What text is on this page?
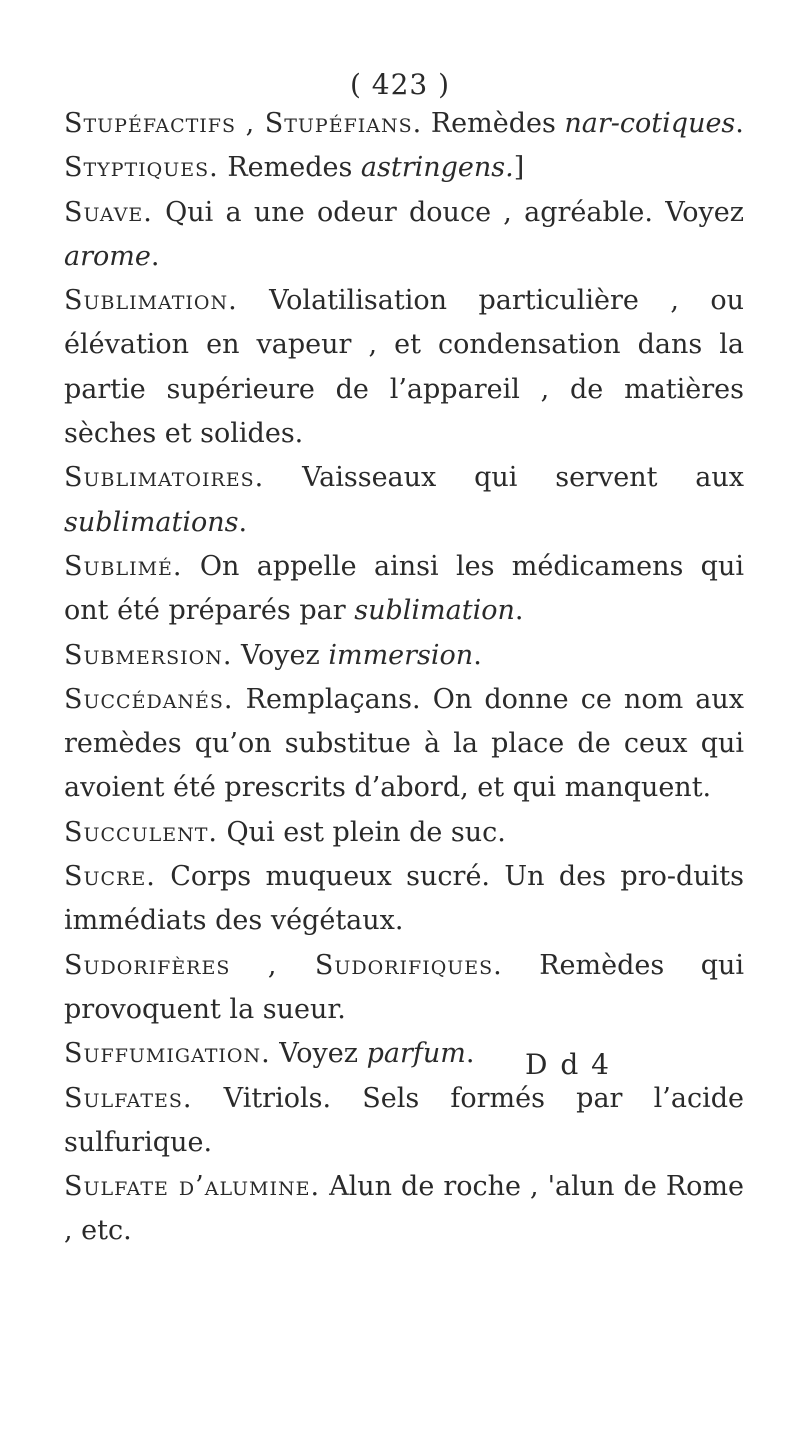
( 423 )

Stupéfactifs , Stupéfians. Remèdes nar-cotiques.

Styptiques. Remedes astringens.]

Suave. Qui a une odeur douce , agréable. Voyez arome.

Sublimation. Volatilisation particulière , ou élévation en vapeur , et condensation dans la partie supérieure de l’appareil , de matières sèches et solides.

Sublimatoires. Vaisseaux qui servent aux sublimations.

Sublimé. On appelle ainsi les médicamens qui ont été préparés par sublimation.

Submersion. Voyez immersion.

Succédanés. Remplaçans. On donne ce nom aux remèdes qu’on substitue à la place de ceux qui avoient été prescrits d’abord, et qui manquent.

Succulent. Qui est plein de suc.

Sucre. Corps muqueux sucré. Un des pro-duits immédiats des végétaux.

Sudorifères , Sudorifiques. Remèdes qui provoquent la sueur.

Suffumigation. Voyez parfum.

Sulfates. Vitriols. Sels formés par l’acide sulfurique.

Sulfate d’alumine. Alun de roche , 'alun de Rome , etc.

D d 4
